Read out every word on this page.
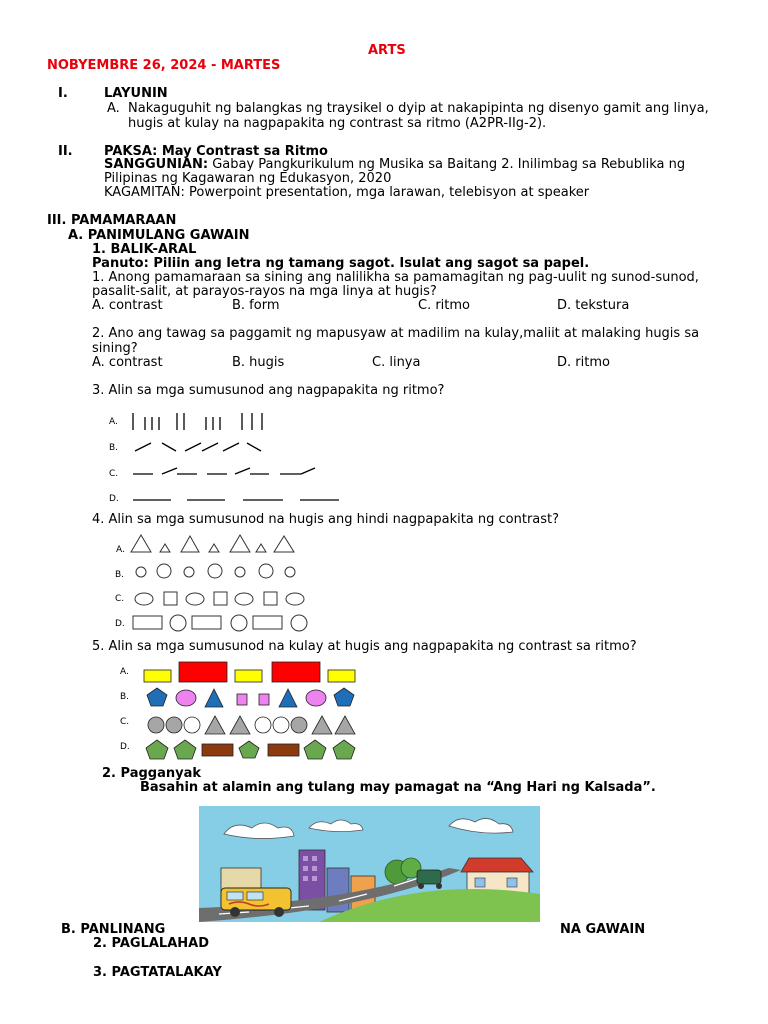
ARTS
NOBYEMBRE 26, 2024 - MARTES
I.	LAYUNIN
A. Nakaguguhit ng balangkas ng traysikel o dyip at nakapipinta ng disenyo gamit ang linya,
hugis at kulay na nagpapakita ng contrast sa ritmo (A2PR-IIg-2).
II. PAKSA: May Contrast sa Ritmo
SANGGUNIAN: Gabay Pangkurikulum ng Musika sa Baitang 2. Inilimbag sa Rebublika ng
Pilipinas ng Kagawaran ng Edukasyon, 2020
KAGAMITAN: Powerpoint presentation, mga larawan, telebisyon at speaker
III. PAMAMARAAN
A. PANIMULANG GAWAIN
1. BALIK-ARAL
Panuto: Piliin ang letra ng tamang sagot. Isulat ang sagot sa papel.
1. Anong pamamaraan sa sining ang nalilikha sa pamamagitan ng pag-uulit ng sunod-sunod,
pasalit-salit, at parayos-rayos na mga linya at hugis?
A. contrast	B. form	C. ritmo	D. tekstura
2. Ano ang tawag sa paggamit ng mapusyaw at madilim na kulay,maliit at malaking hugis sa
sining?
A. contrast	B. hugis	C. linya	D. ritmo
3. Alin sa mga sumusunod ang nagpapakita ng ritmo?
A.
B.
C.
D.
4. Alin sa mga sumusunod na hugis ang hindi nagpapakita ng contrast?
A.
B.
C.
D.
5. Alin sa mga sumusunod na kulay at hugis ang nagpapakita ng contrast sa ritmo?
A.
B.
C.
D.
2. Pagganyak
Basahin at alamin ang tulang may pamagat na “Ang Hari ng Kalsada”.
B. PANLINANG	NA GAWAIN
2. PAGLALAHAD
3. PAGTATALAKAY
